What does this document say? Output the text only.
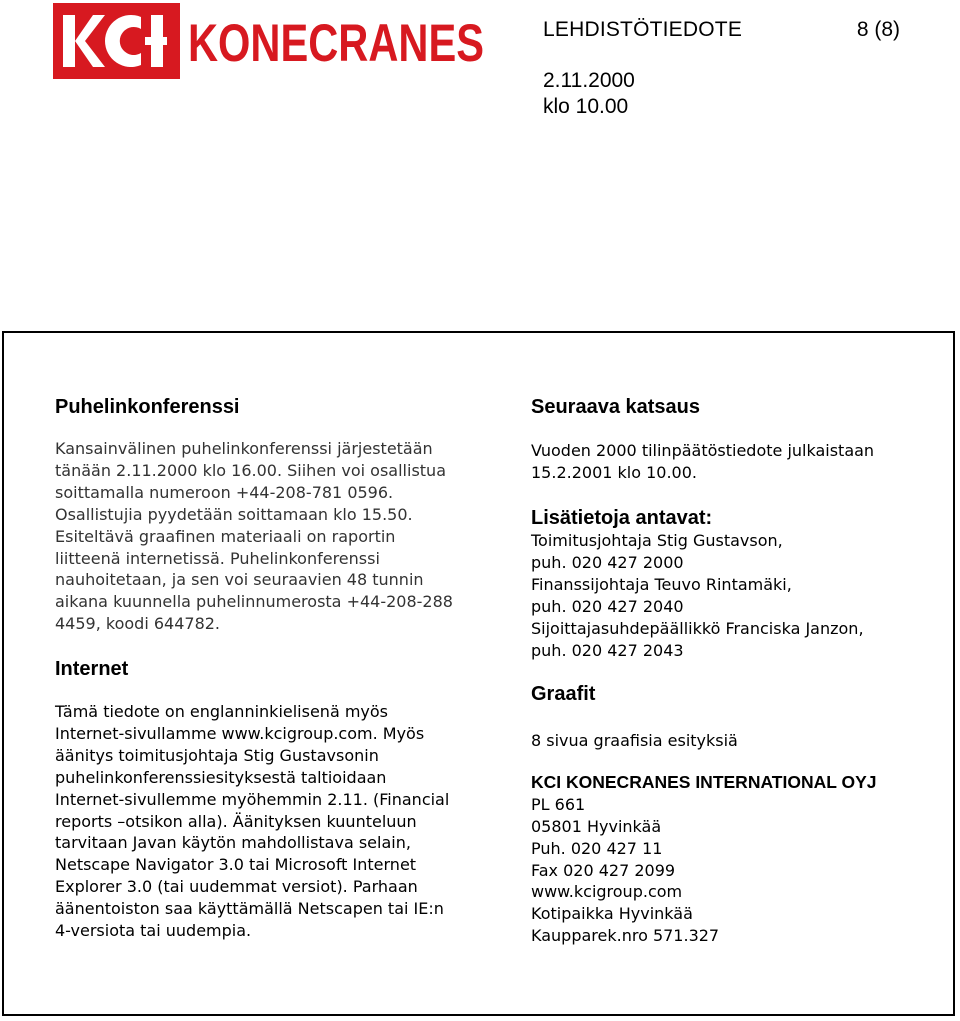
KONECRANES	LEHDISTÖTIEDOTE	8 (8)
2.11.2000
klo 10.00
Puhelinkonferenssi

Kansainvälinen puhelinkonferenssi järjestetään
tänään 2.11.2000 klo 16.00. Siihen voi osallistua
soittamalla numeroon +44-208-781 0596.
Osallistujia pyydetään soittamaan klo 15.50.
Esiteltävä graafinen materiaali on raportin
liitteenä internetissä. Puhelinkonferenssi
nauhoitetaan, ja sen voi seuraavien 48 tunnin
aikana kuunnella puhelinnumerosta +44-208-288
4459, koodi 644782.

Internet

Tämä tiedote on englanninkielisenä myös
Internet-sivullamme www.kcigroup.com. Myös
äänitys toimitusjohtaja Stig Gustavsonin
puhelinkonferenssiesityksestä taltioidaan
Internet-sivullemme myöhemmin 2.11. (Financial
reports –otsikon alla). Äänityksen kuunteluun
tarvitaan Javan käytön mahdollistava selain,
Netscape Navigator 3.0 tai Microsoft Internet
Explorer 3.0 (tai uudemmat versiot). Parhaan
äänentoiston saa käyttämällä Netscapen tai IE:n
4-versiota tai uudempia.

Seuraava katsaus

Vuoden 2000 tilinpäätöstiedote julkaistaan
15.2.2001 klo 10.00.

Lisätietoja antavat:

Toimitusjohtaja Stig Gustavson,
puh. 020 427 2000
Finanssijohtaja Teuvo Rintamäki,
puh. 020 427 2040
Sijoittajasuhdepäällikkö Franciska Janzon,
puh. 020 427 2043

Graafit

8 sivua graafisia esityksiä

KCI KONECRANES INTERNATIONAL OYJ
PL 661
05801 Hyvinkää
Puh. 020 427 11
Fax 020 427 2099
www.kcigroup.com
Kotipaikka Hyvinkää
Kaupparek.nro 571.327
